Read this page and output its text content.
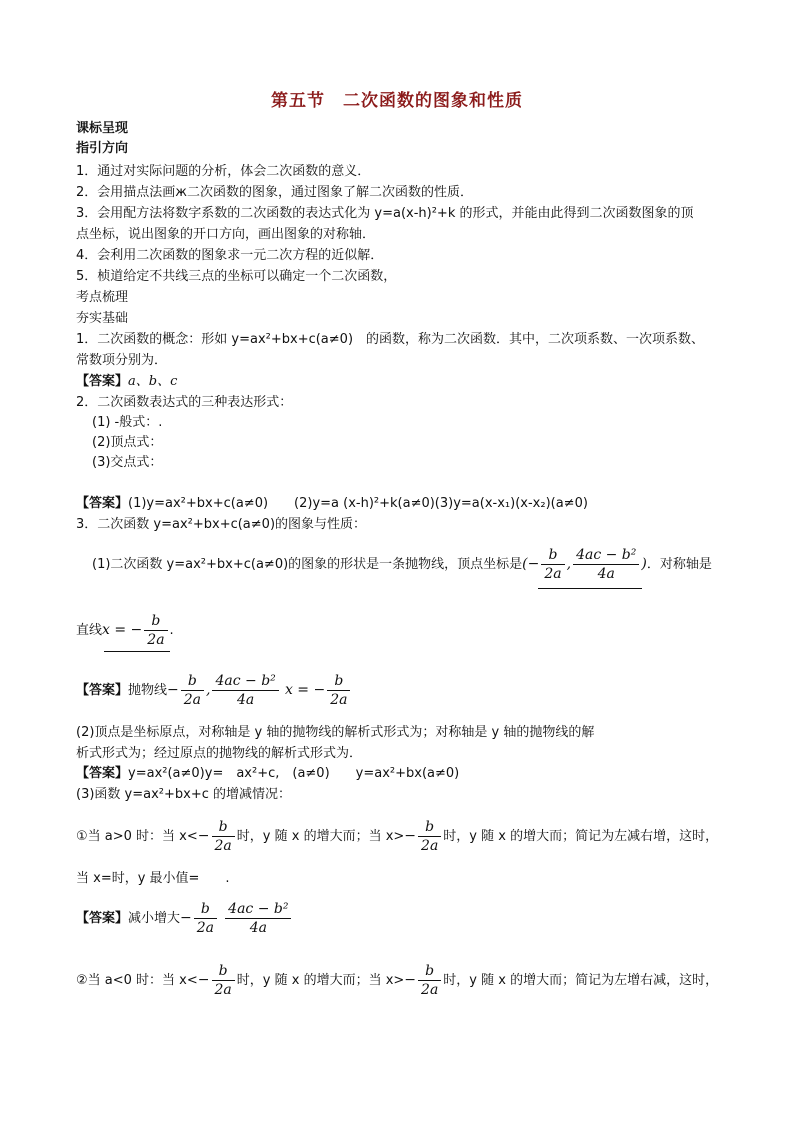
第五节　二次函数的图象和性质
课标呈现
指引方向
1．通过对实际问题的分析，体会二次函数的意义．
2．会用描点法画ж二次函数的图象，通过图象了解二次函数的性质．
3．会用配方法将数字系数的二次函数的表达式化为 y=a(x-h)²+k 的形式，并能由此得到二次函数图象的顶
点坐标，说出图象的开口方向，画出图象的对称轴．
4．会利用二次函数的图象求一元二次方程的近似解．
5．桢道给定不共线三点的坐标可以确定一个二次函数，
考点梳理
夯实基础
1．二次函数的概念：形如 y=ax²+bx+c(a≠0)　的函数，称为二次函数．其中，二次项系数、一次项系数、
常数项分别为．
【答案】a、b、c
2．二次函数表达式的三种表达形式：
(1) -般式：.
(2)顶点式：
(3)交点式：
【答案】(1)y=ax²+bx+c(a≠0)　　(2)y=a (x-h)²+k(a≠0)(3)y=a(x-x₁)(x-x₂)(a≠0)
3．二次函数 y=ax²+bx+c(a≠0)的图象与性质：
(1)二次函数 y=ax²+bx+c(a≠0)的图象的形状是一条抛物线，顶点坐标是(− $\frac{b}{2a}$ , $\frac{\text{4ac − b²}}{4a}$ )．对称轴是
直线x = − $\frac{b}{2a}$ .
【答案】抛物线− $\frac{b}{2a}$ , $\frac{\text{4ac − b²}}{4a}$ x = − $\frac{b}{2a}$
(2)顶点是坐标原点，对称轴是 y 轴的抛物线的解析式形式为；对称轴是 y 轴的抛物线的解
析式形式为；经过原点的抛物线的解析式形式为．
【答案】y=ax²(a≠0)y=　ax²+c,　(a≠0)　　y=ax²+bx(a≠0)
(3)函数 y=ax²+bx+c 的增减情况：
①当 a>0 时：当 $x<- \frac{b}{2a}$ 时，y 随 x 的增大而；当 $x>- \frac{b}{2a}$ 时，y 随 x 的增大而；简记为左减右增，这时，
当 x=时，y 最小值=　　.
【答案】减小增大− $\frac{b}{2a}$
$\frac{\text{4ac − b²}}{4a}$
②当 a<0 时：当 $x<- \frac{b}{2a}$ 时，y 随 x 的增大而；当 $x>- \frac{b}{2a}$ 时，y 随 x 的增大而；简记为左增右减，这时，
